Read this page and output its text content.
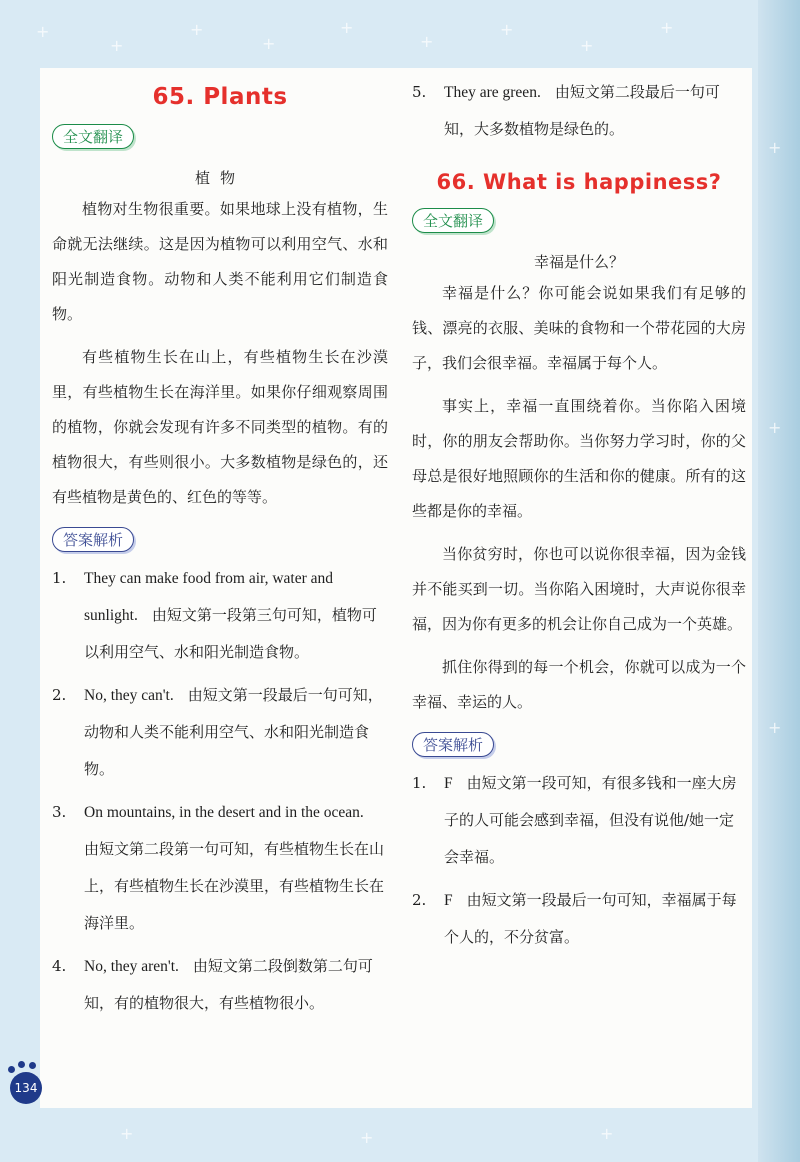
+
+
+
+
+
+
+
+
+
+
+
+
+	+	+
65. Plants
全文翻译
植物

植物对生物很重要。如果地球上没有植物，生命就无法继续。这是因为植物可以利用空气、水和阳光制造食物。动物和人类不能利用它们制造食物。

有些植物生长在山上，有些植物生长在沙漠里，有些植物生长在海洋里。如果你仔细观察周围的植物，你就会发现有许多不同类型的植物。有的植物很大，有些则很小。大多数植物是绿色的，还有些植物是黄色的、红色的等等。

答案解析

1. They can make food from air, water and sunlight. 由短文第一段第三句可知，植物可以利用空气、水和阳光制造食物。

2. No, they can't. 由短文第一段最后一句可知，动物和人类不能利用空气、水和阳光制造食物。

3. On mountains, in the desert and in the ocean.由短文第二段第一句可知，有些植物生长在山上，有些植物生长在沙漠里，有些植物生长在海洋里。

4. No, they aren't. 由短文第二段倒数第二句可知，有的植物很大，有些植物很小。

5. They are green. 由短文第二段最后一句可知，大多数植物是绿色的。

66. What is happiness?
全文翻译
幸福是什么？

幸福是什么？你可能会说如果我们有足够的钱、漂亮的衣服、美味的食物和一个带花园的大房子，我们会很幸福。幸福属于每个人。

事实上，幸福一直围绕着你。当你陷入困境时，你的朋友会帮助你。当你努力学习时，你的父母总是很好地照顾你的生活和你的健康。所有的这些都是你的幸福。

当你贫穷时，你也可以说你很幸福，因为金钱并不能买到一切。当你陷入困境时，大声说你很幸福，因为你有更多的机会让你自己成为一个英雄。

抓住你得到的每一个机会，你就可以成为一个幸福、幸运的人。

答案解析

1. F 由短文第一段可知，有很多钱和一座大房子的人可能会感到幸福，但没有说他/她一定会幸福。

2. F 由短文第一段最后一句可知，幸福属于每个人的，不分贫富。

134
